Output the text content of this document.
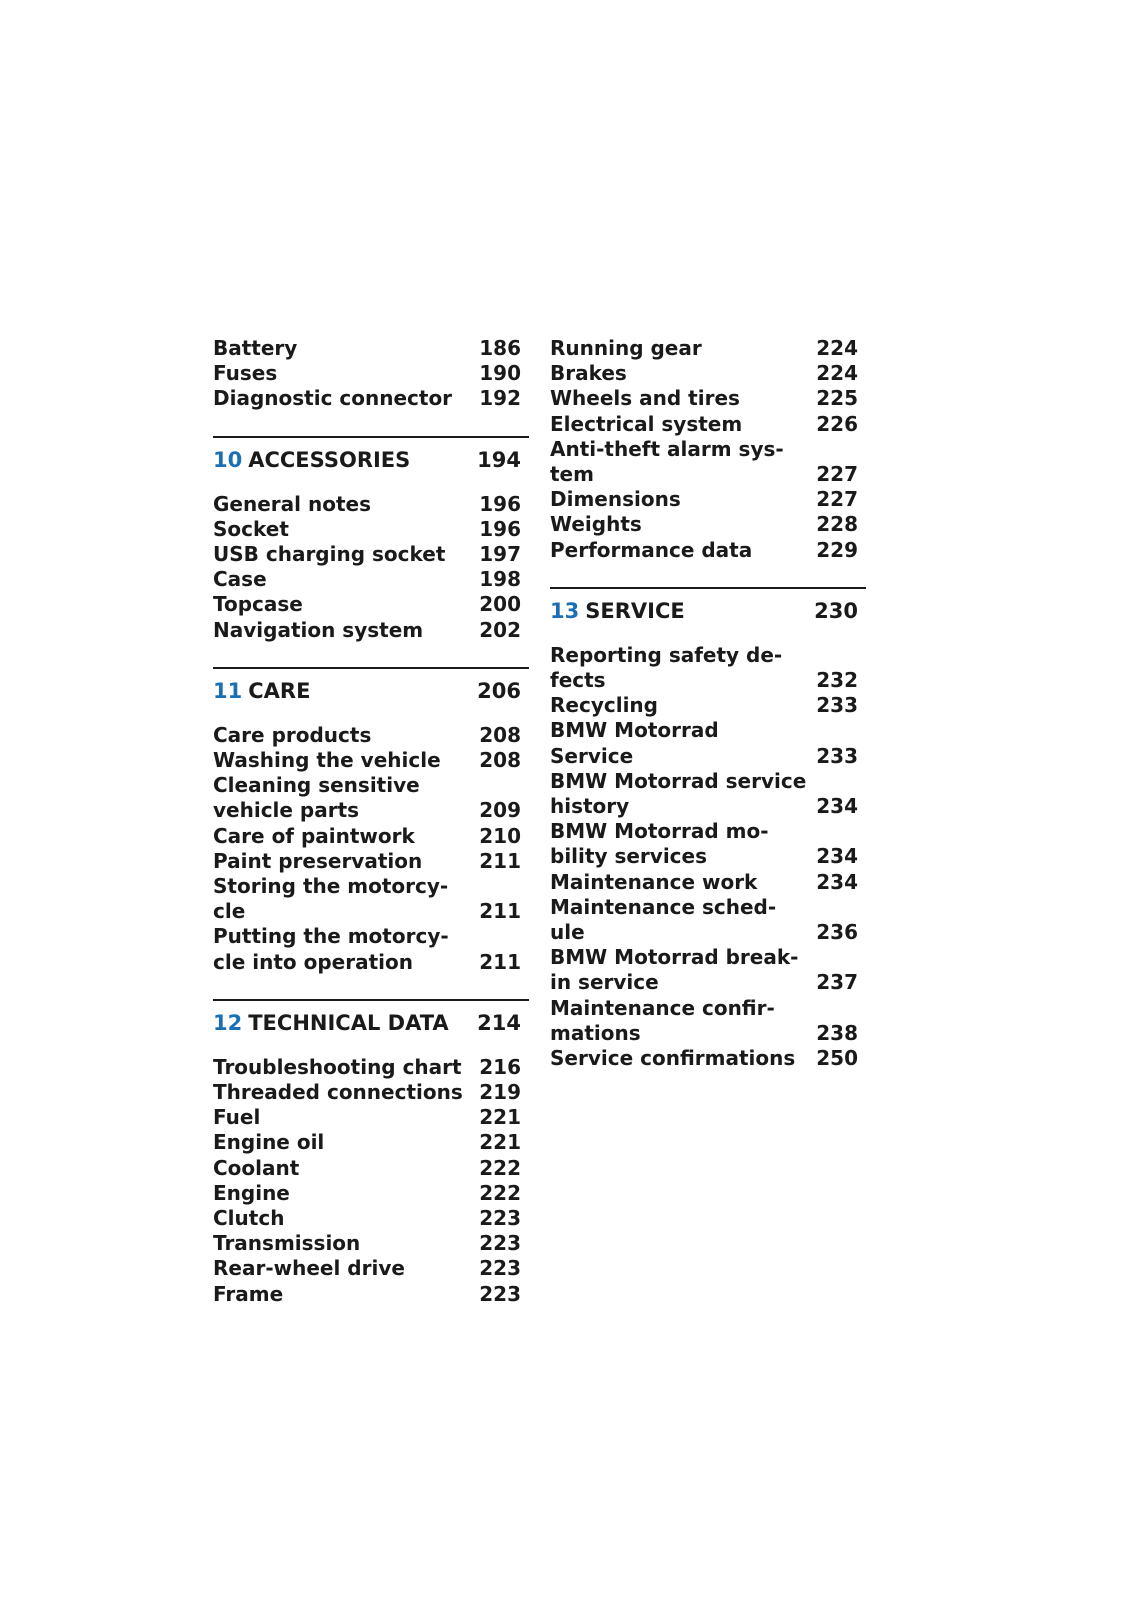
Battery	186
Fuses	190
Diagnostic connector	192
10 ACCESSORIES	194
General notes	196
Socket	196
USB charging socket	197
Case	198
Topcase	200
Navigation system	202
11 CARE	206
Care products	208
Washing the vehicle	208
Cleaning sensitive vehicle parts	209
Care of paintwork	210
Paint preservation	211
Storing the motorcy-cle	211
Putting the motorcy-cle into operation	211
12 TECHNICAL DATA 214
Troubleshooting chart 216
Threaded connections 219
Fuel	221
Engine oil	221
Coolant	222
Engine	222
Clutch	223
Transmission	223
Rear-wheel drive	223
Frame	223
Running gear	224
Brakes	224
Wheels and tires	225
Electrical system	226
Anti-theft alarm sys-tem	227
Dimensions	227
Weights	228
Performance data	229
13 SERVICE	230
Reporting safety de-fects	232
Recycling	233
BMW Motorrad Service	233
BMW Motorrad service history	234
BMW Motorrad mo-bility services	234
Maintenance work	234
Maintenance sched-ule	236
BMW Motorrad break-in service	237
Maintenance confir-mations	238
Service confirmations	250
